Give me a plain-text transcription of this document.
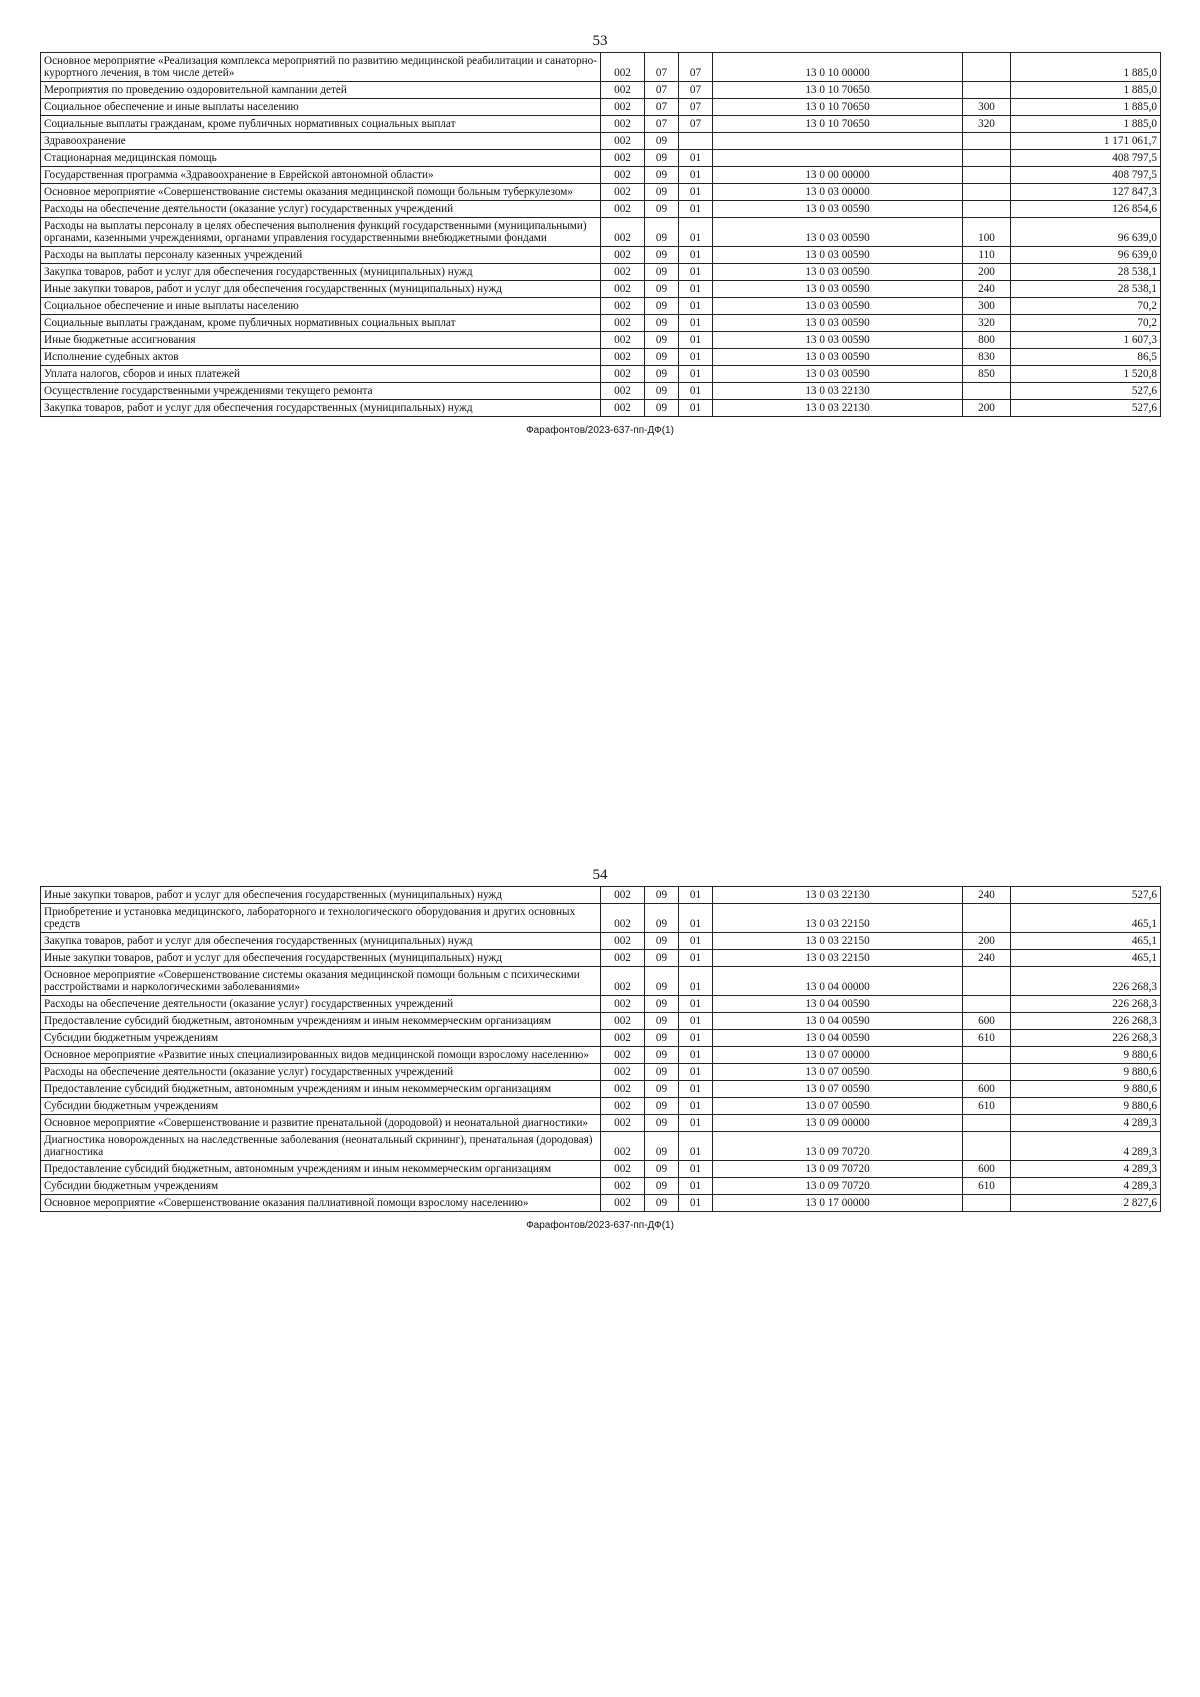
53
Основное мероприятие «Реализация комплекса мероприятий по развитию медицинской реабилитации и санаторно-курортного лечения, в том числе детей»	002	07	07	13 0 10 00000		1 885,0
Мероприятия по проведению оздоровительной кампании детей	002	07	07	13 0 10 70650		1 885,0
Социальное обеспечение и иные выплаты населению	002	07	07	13 0 10 70650	300	1 885,0
Социальные выплаты гражданам, кроме публичных нормативных социальных выплат	002	07	07	13 0 10 70650	320	1 885,0
Здравоохранение	002	09				1 171 061,7
Стационарная медицинская помощь	002	09	01			408 797,5
Государственная программа «Здравоохранение в Еврейской автономной области»	002	09	01	13 0 00 00000		408 797,5
Основное мероприятие «Совершенствование системы оказания медицинской помощи больным туберкулезом»	002	09	01	13 0 03 00000		127 847,3
Расходы на обеспечение деятельности (оказание услуг) государственных учреждений	002	09	01	13 0 03 00590		126 854,6
Расходы на выплаты персоналу в целях обеспечения выполнения функций государственными (муниципальными) органами, казенными учреждениями, органами управления государственными внебюджетными фондами	002	09	01	13 0 03 00590	100	96 639,0
Расходы на выплаты персоналу казенных учреждений	002	09	01	13 0 03 00590	110	96 639,0
Закупка товаров, работ и услуг для обеспечения государственных (муниципальных) нужд	002	09	01	13 0 03 00590	200	28 538,1
Иные закупки товаров, работ и услуг для обеспечения государственных (муниципальных) нужд	002	09	01	13 0 03 00590	240	28 538,1
Социальное обеспечение и иные выплаты населению	002	09	01	13 0 03 00590	300	70,2
Социальные выплаты гражданам, кроме публичных нормативных социальных выплат	002	09	01	13 0 03 00590	320	70,2
Иные бюджетные ассигнования	002	09	01	13 0 03 00590	800	1 607,3
Исполнение судебных актов	002	09	01	13 0 03 00590	830	86,5
Уплата налогов, сборов и иных платежей	002	09	01	13 0 03 00590	850	1 520,8
Осуществление государственными учреждениями текущего ремонта	002	09	01	13 0 03 22130		527,6
Закупка товаров, работ и услуг для обеспечения государственных (муниципальных) нужд	002	09	01	13 0 03 22130	200	527,6
Фарафонтов/2023-637-пп-ДФ(1)
54
Иные закупки товаров, работ и услуг для обеспечения государственных (муниципальных) нужд	002	09	01	13 0 03 22130	240	527,6
Приобретение и установка медицинского, лабораторного и технологического оборудования и других основных средств	002	09	01	13 0 03 22150		465,1
Закупка товаров, работ и услуг для обеспечения государственных (муниципальных) нужд	002	09	01	13 0 03 22150	200	465,1
Иные закупки товаров, работ и услуг для обеспечения государственных (муниципальных) нужд	002	09	01	13 0 03 22150	240	465,1
Основное мероприятие «Совершенствование системы оказания медицинской помощи больным с психическими расстройствами и наркологическими заболеваниями»	002	09	01	13 0 04 00000		226 268,3
Расходы на обеспечение деятельности (оказание услуг) государственных учреждений	002	09	01	13 0 04 00590		226 268,3
Предоставление субсидий бюджетным, автономным учреждениям и иным некоммерческим организациям	002	09	01	13 0 04 00590	600	226 268,3
Субсидии бюджетным учреждениям	002	09	01	13 0 04 00590	610	226 268,3
Основное мероприятие «Развитие иных специализированных видов медицинской помощи взрослому населению»	002	09	01	13 0 07 00000		9 880,6
Расходы на обеспечение деятельности (оказание услуг) государственных учреждений	002	09	01	13 0 07 00590		9 880,6
Предоставление субсидий бюджетным, автономным учреждениям и иным некоммерческим организациям	002	09	01	13 0 07 00590	600	9 880,6
Субсидии бюджетным учреждениям	002	09	01	13 0 07 00590	610	9 880,6
Основное мероприятие «Совершенствование и развитие пренатальной (дородовой) и неонатальной диагностики»	002	09	01	13 0 09 00000		4 289,3
Диагностика новорожденных на наследственные заболевания (неонатальный скрининг), пренатальная (дородовая) диагностика	002	09	01	13 0 09 70720		4 289,3
Предоставление субсидий бюджетным, автономным учреждениям и иным некоммерческим организациям	002	09	01	13 0 09 70720	600	4 289,3
Субсидии бюджетным учреждениям	002	09	01	13 0 09 70720	610	4 289,3
Основное мероприятие «Совершенствование оказания паллиативной помощи взрослому населению»	002	09	01	13 0 17 00000		2 827,6
Фарафонтов/2023-637-пп-ДФ(1)
